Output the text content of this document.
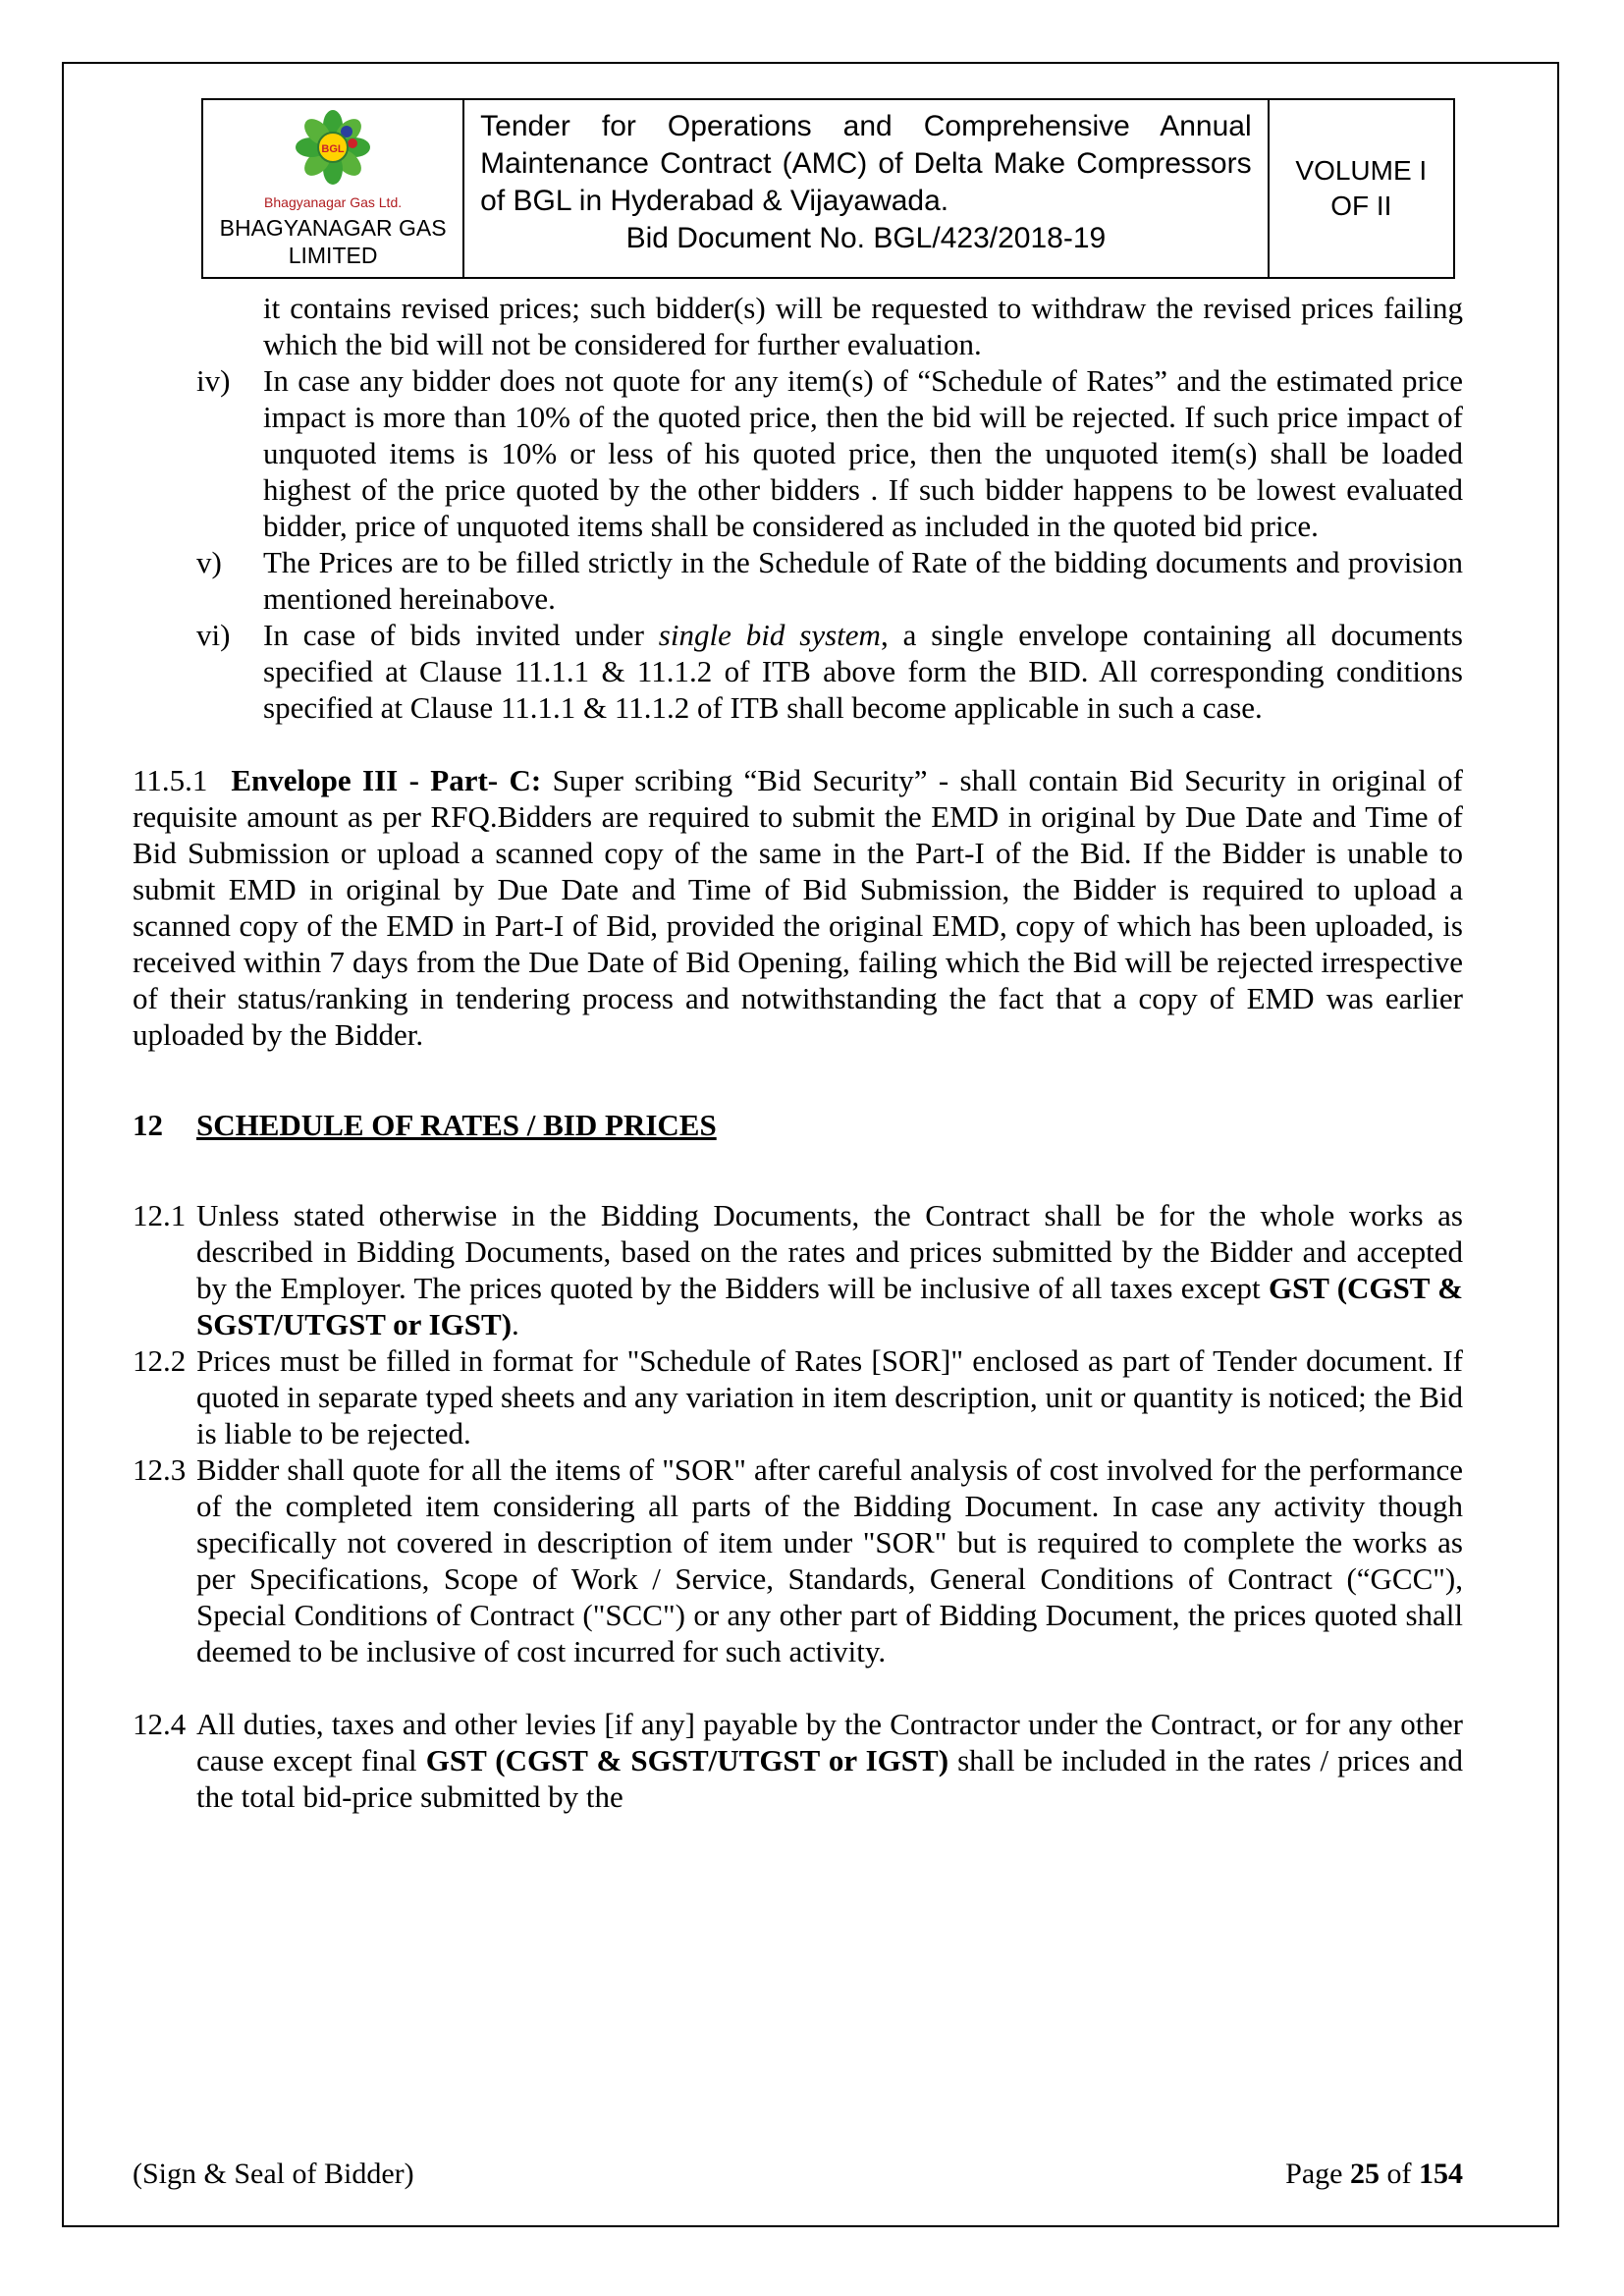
BGL
Bhagyanagar Gas Ltd.
BHAGYANAGAR GAS LIMITED
Tender for Operations and Comprehensive Annual Maintenance Contract (AMC) of Delta Make Compressors of BGL in Hyderabad & Vijayawada.
Bid Document No. BGL/423/2018-19
VOLUME I
OF II

it contains revised prices; such bidder(s) will be requested to withdraw the revised prices failing which the bid will not be considered for further evaluation.

iv) In case any bidder does not quote for any item(s) of “Schedule of Rates” and the estimated price impact is more than 10% of the quoted price, then the bid will be rejected. If such price impact of unquoted items is 10% or less of his quoted price, then the unquoted item(s) shall be loaded highest of the price quoted by the other bidders . If such bidder happens to be lowest evaluated bidder, price of unquoted items shall be considered as included in the quoted bid price.

v) The Prices are to be filled strictly in the Schedule of Rate of the bidding documents and provision mentioned hereinabove.

vi) In case of bids invited under single bid system, a single envelope containing all documents specified at Clause 11.1.1 & 11.1.2 of ITB above form the BID. All corresponding conditions specified at Clause 11.1.1 & 11.1.2 of ITB shall become applicable in such a case.

11.5.1 Envelope III - Part- C: Super scribing “Bid Security” - shall contain Bid Security in original of requisite amount as per RFQ.Bidders are required to submit the EMD in original by Due Date and Time of Bid Submission or upload a scanned copy of the same in the Part-I of the Bid. If the Bidder is unable to submit EMD in original by Due Date and Time of Bid Submission, the Bidder is required to upload a scanned copy of the EMD in Part-I of Bid, provided the original EMD, copy of which has been uploaded, is received within 7 days from the Due Date of Bid Opening, failing which the Bid will be rejected irrespective of their status/ranking in tendering process and notwithstanding the fact that a copy of EMD was earlier uploaded by the Bidder.

12 SCHEDULE OF RATES / BID PRICES
12.1 Unless stated otherwise in the Bidding Documents, the Contract shall be for the whole works as described in Bidding Documents, based on the rates and prices submitted by the Bidder and accepted by the Employer. The prices quoted by the Bidders will be inclusive of all taxes except GST (CGST & SGST/UTGST or IGST).

12.2 Prices must be filled in format for "Schedule of Rates [SOR]" enclosed as part of Tender document. If quoted in separate typed sheets and any variation in item description, unit or quantity is noticed; the Bid is liable to be rejected.

12.3 Bidder shall quote for all the items of "SOR" after careful analysis of cost involved for the performance of the completed item considering all parts of the Bidding Document. In case any activity though specifically not covered in description of item under "SOR" but is required to complete the works as per Specifications, Scope of Work / Service, Standards, General Conditions of Contract (“GCC"), Special Conditions of Contract ("SCC") or any other part of Bidding Document, the prices quoted shall deemed to be inclusive of cost incurred for such activity.

12.4 All duties, taxes and other levies [if any] payable by the Contractor under the Contract, or for any other cause except final GST (CGST & SGST/UTGST or IGST) shall be included in the rates / prices and the total bid-price submitted by the

(Sign & Seal of Bidder)	Page 25 of 154
